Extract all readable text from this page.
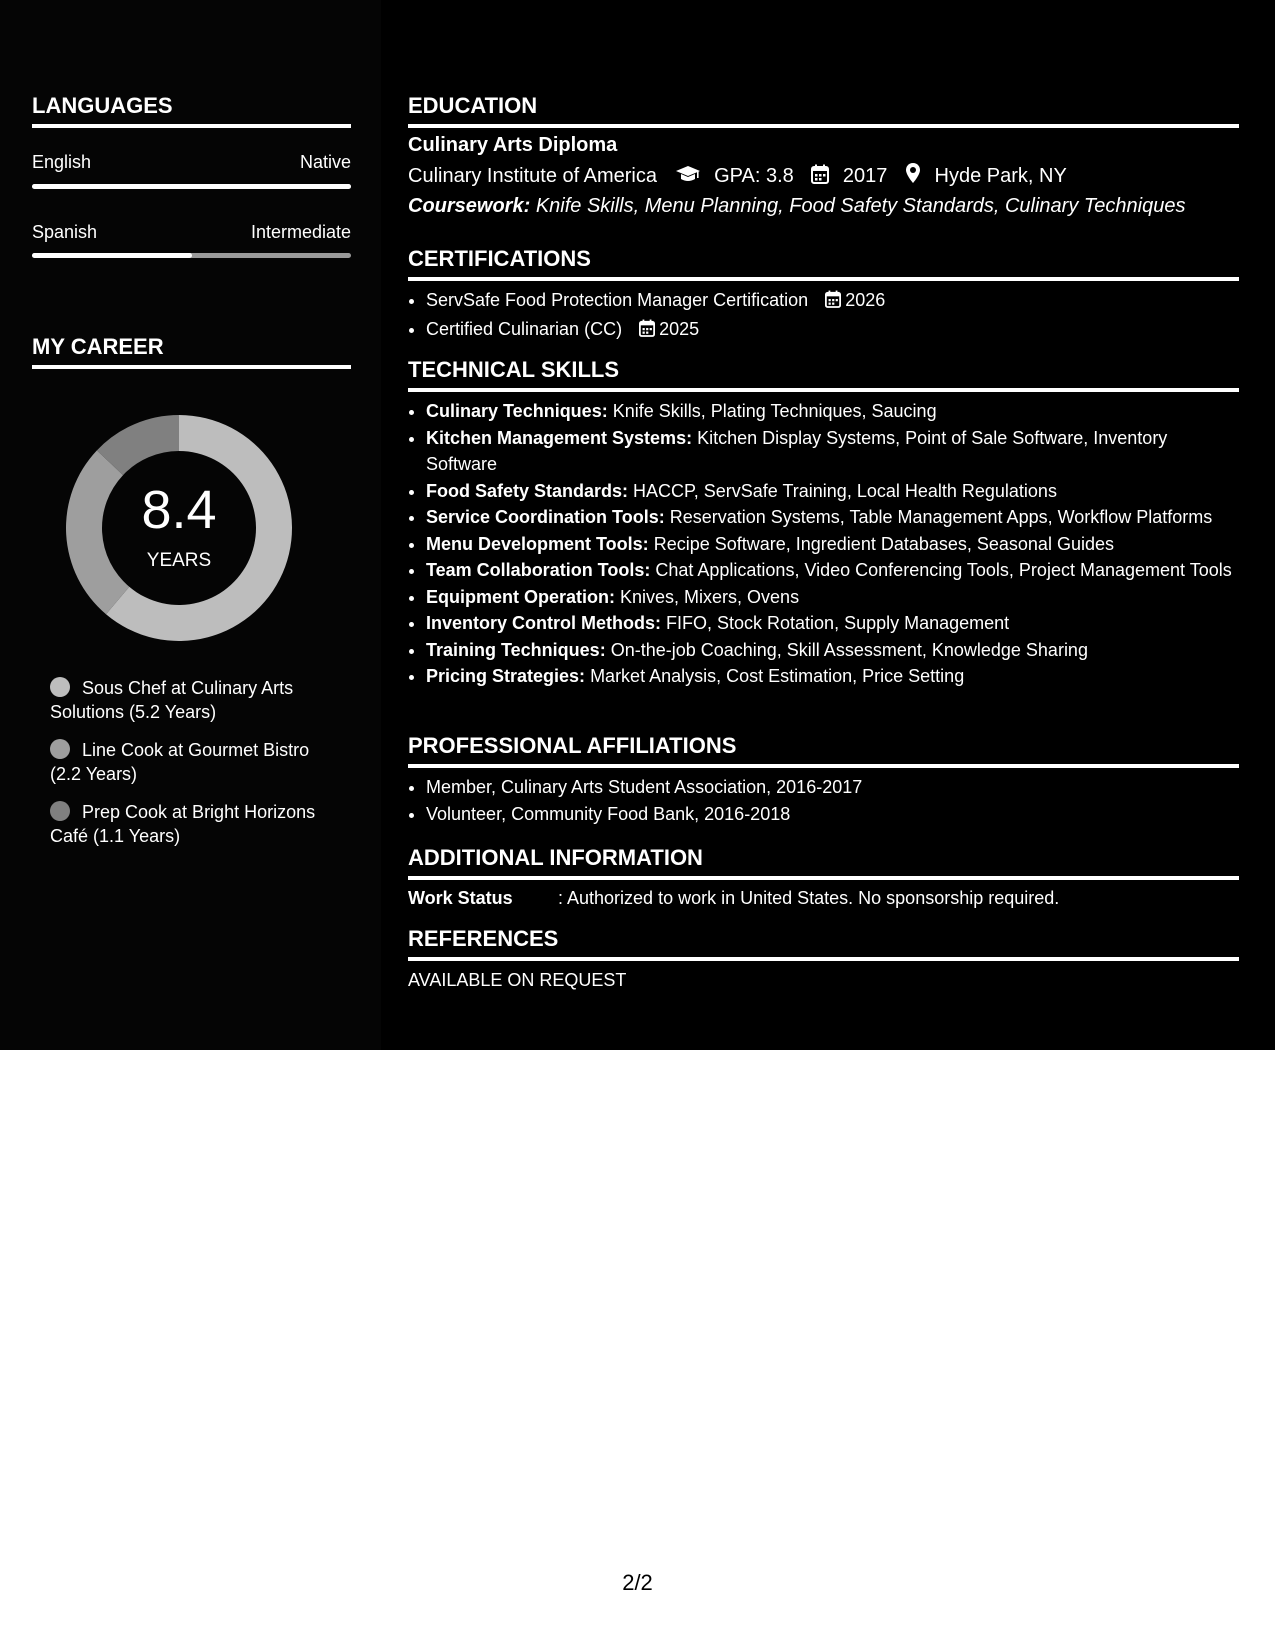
LANGUAGES
English	Native
Spanish	Intermediate
MY CAREER
8.4
YEARS
Sous Chef at Culinary Arts Solutions (5.2 Years)
Line Cook at Gourmet Bistro (2.2 Years)
Prep Cook at Bright Horizons Café (1.1 Years)
EDUCATION
Culinary Arts Diploma
Culinary Institute of America	GPA: 3.8 2017 Hyde Park, NY
Coursework: Knife Skills, Menu Planning, Food Safety Standards, Culinary Techniques
CERTIFICATIONS
• ServSafe Food Protection Manager Certification 2026
• Certified Culinarian (CC) 2025
TECHNICAL SKILLS
• Culinary Techniques: Knife Skills, Plating Techniques, Saucing
• Kitchen Management Systems: Kitchen Display Systems, Point of Sale Software, Inventory Software
• Food Safety Standards: HACCP, ServSafe Training, Local Health Regulations
• Service Coordination Tools: Reservation Systems, Table Management Apps, Workflow Platforms
• Menu Development Tools: Recipe Software, Ingredient Databases, Seasonal Guides
• Team Collaboration Tools: Chat Applications, Video Conferencing Tools, Project Management Tools
• Equipment Operation: Knives, Mixers, Ovens
• Inventory Control Methods: FIFO, Stock Rotation, Supply Management
• Training Techniques: On-the-job Coaching, Skill Assessment, Knowledge Sharing
• Pricing Strategies: Market Analysis, Cost Estimation, Price Setting
PROFESSIONAL AFFILIATIONS
• Member, Culinary Arts Student Association, 2016-2017
• Volunteer, Community Food Bank, 2016-2018
ADDITIONAL INFORMATION
Work Status	: Authorized to work in United States. No sponsorship required.
REFERENCES
AVAILABLE ON REQUEST
2/2
